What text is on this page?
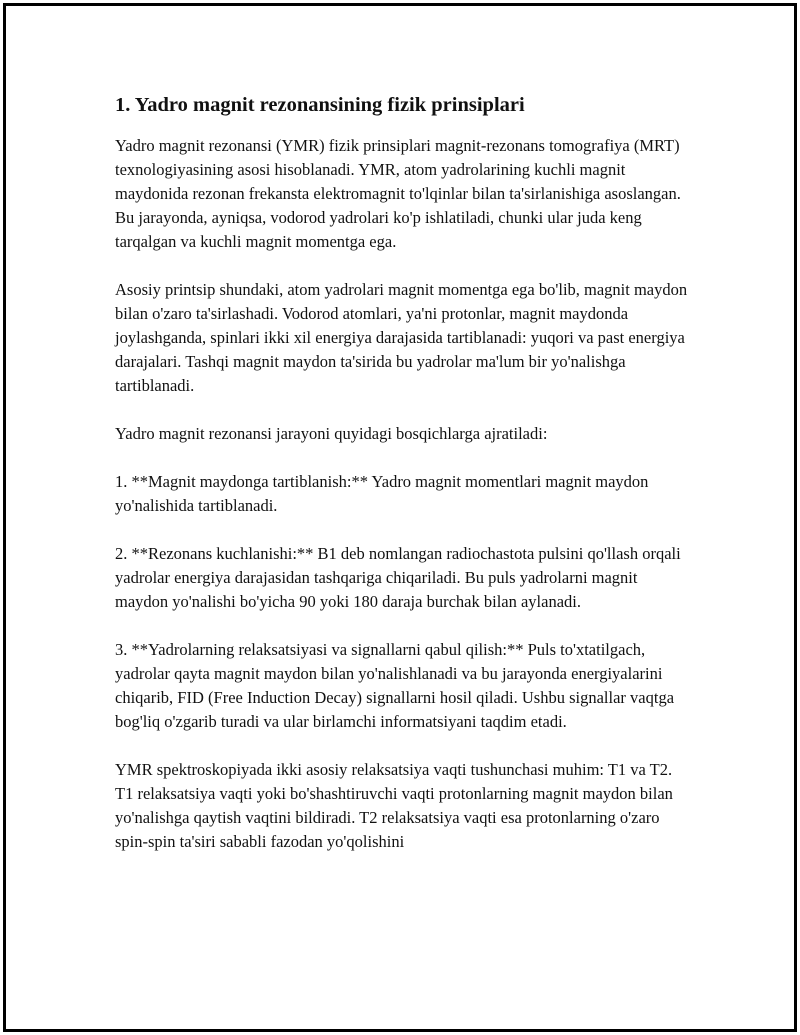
1. Yadro magnit rezonansining fizik prinsiplari

Yadro magnit rezonansi (YMR) fizik prinsiplari magnit-rezonans tomografiya (MRT) texnologiyasining asosi hisoblanadi. YMR, atom yadrolarining kuchli magnit maydonida rezonan frekansta elektromagnit to'lqinlar bilan ta'sirlanishiga asoslangan. Bu jarayonda, ayniqsa, vodorod yadrolari ko'p ishlatiladi, chunki ular juda keng tarqalgan va kuchli magnit momentga ega.

Asosiy printsip shundaki, atom yadrolari magnit momentga ega bo'lib, magnit maydon bilan o'zaro ta'sirlashadi. Vodorod atomlari, ya'ni protonlar, magnit maydonda joylashganda, spinlari ikki xil energiya darajasida tartiblanadi: yuqori va past energiya darajalari. Tashqi magnit maydon ta'sirida bu yadrolar ma'lum bir yo'nalishga tartiblanadi.

Yadro magnit rezonansi jarayoni quyidagi bosqichlarga ajratiladi:

1. **Magnit maydonga tartiblanish:** Yadro magnit momentlari magnit maydon yo'nalishida tartiblanadi.

2. **Rezonans kuchlanishi:** B1 deb nomlangan radiochastota pulsini qo'llash orqali yadrolar energiya darajasidan tashqariga chiqariladi. Bu puls yadrolarni magnit maydon yo'nalishi bo'yicha 90 yoki 180 daraja burchak bilan aylanadi.

3. **Yadrolarning relaksatsiyasi va signallarni qabul qilish:** Puls to'xtatilgach, yadrolar qayta magnit maydon bilan yo'nalishlanadi va bu jarayonda energiyalarini chiqarib, FID (Free Induction Decay) signallarni hosil qiladi. Ushbu signallar vaqtga bog'liq o'zgarib turadi va ular birlamchi informatsiyani taqdim etadi.

YMR spektroskopiyada ikki asosiy relaksatsiya vaqti tushunchasi muhim: T1 va T2. T1 relaksatsiya vaqti yoki bo'shashtiruvchi vaqti protonlarning magnit maydon bilan yo'nalishga qaytish vaqtini bildiradi. T2 relaksatsiya vaqti esa protonlarning o'zaro spin-spin ta'siri sababli fazodan yo'qolishini
